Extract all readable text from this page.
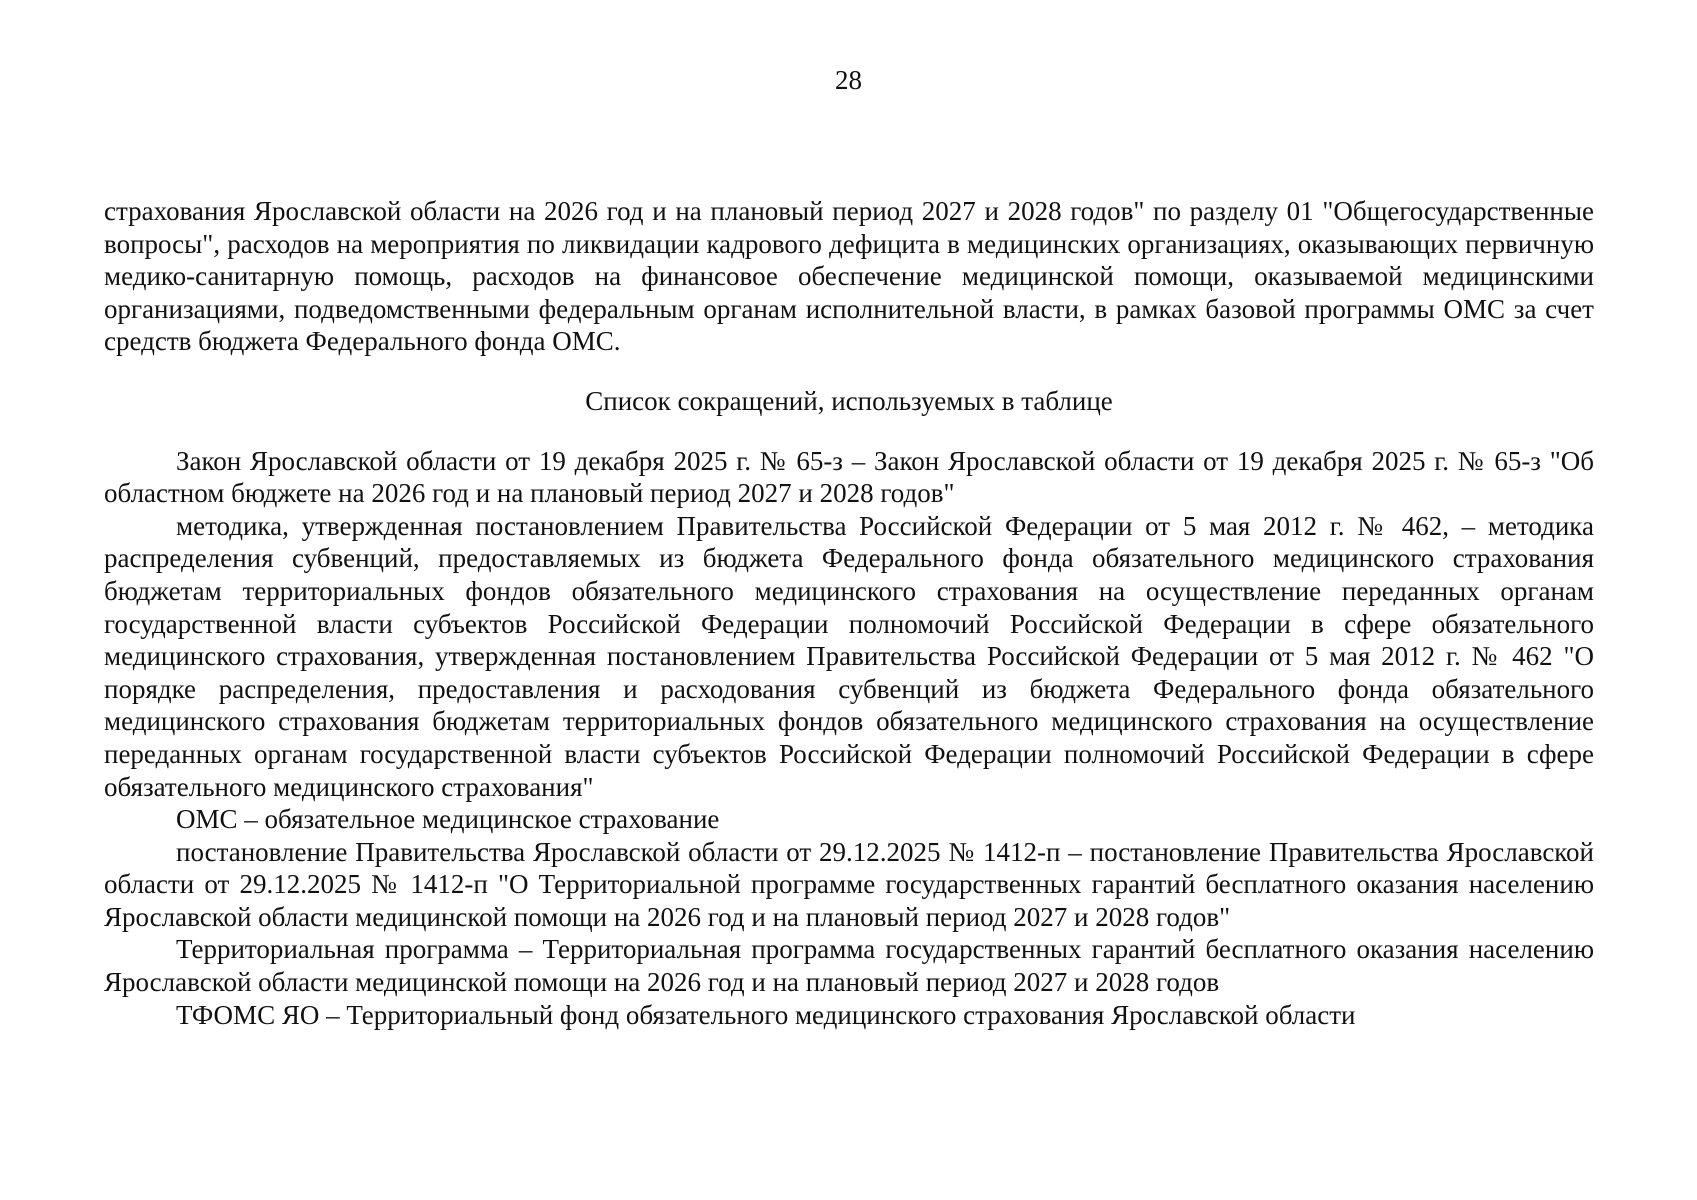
28

страхования Ярославской области на 2026 год и на плановый период 2027 и 2028 годов" по разделу 01 "Общегосударственные вопросы", расходов на мероприятия по ликвидации кадрового дефицита в медицинских организациях, оказывающих первичную медико-санитарную помощь, расходов на финансовое обеспечение медицинской помощи, оказываемой медицинскими организациями, подведомственными федеральным органам исполнительной власти, в рамках базовой программы ОМС за счет средств бюджета Федерального фонда ОМС.

Список сокращений, используемых в таблице

Закон Ярославской области от 19 декабря 2025 г. № 65-з – Закон Ярославской области от 19 декабря 2025 г. № 65-з "Об областном бюджете на 2026 год и на плановый период 2027 и 2028 годов"

методика, утвержденная постановлением Правительства Российской Федерации от 5 мая 2012 г. № 462, – методика распределения субвенций, предоставляемых из бюджета Федерального фонда обязательного медицинского страхования бюджетам территориальных фондов обязательного медицинского страхования на осуществление переданных органам государственной власти субъектов Российской Федерации полномочий Российской Федерации в сфере обязательного медицинского страхования, утвержденная постановлением Правительства Российской Федерации от 5 мая 2012 г. № 462 "О порядке распределения, предоставления и расходования субвенций из бюджета Федерального фонда обязательного медицинского страхования бюджетам территориальных фондов обязательного медицинского страхования на осуществление переданных органам государственной власти субъектов Российской Федерации полномочий Российской Федерации в сфере обязательного медицинского страхования"

ОМС – обязательное медицинское страхование

постановление Правительства Ярославской области от 29.12.2025 № 1412-п – постановление Правительства Ярославской области от 29.12.2025 № 1412-п "О Территориальной программе государственных гарантий бесплатного оказания населению Ярославской области медицинской помощи на 2026 год и на плановый период 2027 и 2028 годов"

Территориальная программа – Территориальная программа государственных гарантий бесплатного оказания населению Ярославской области медицинской помощи на 2026 год и на плановый период 2027 и 2028 годов

ТФОМС ЯО – Территориальный фонд обязательного медицинского страхования Ярославской области
